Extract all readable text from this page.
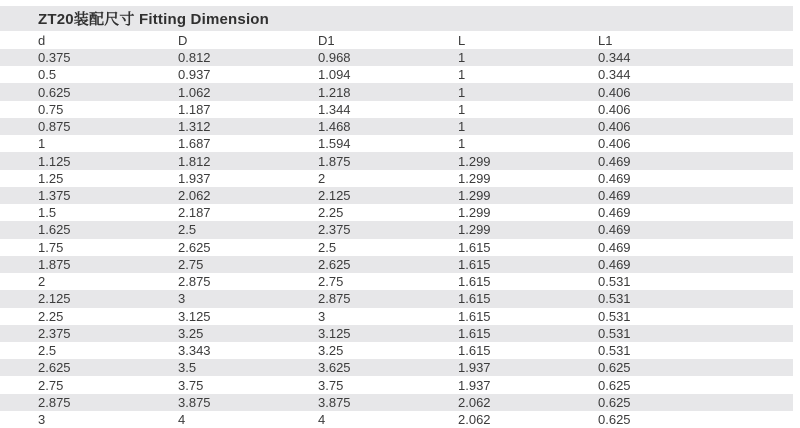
ZT20装配尺寸 Fitting Dimension
d	D	D1	L	L1
0.375	0.812	0.968	1	0.344
0.5	0.937	1.094	1	0.344
0.625	1.062	1.218	1	0.406
0.75	1.187	1.344	1	0.406
0.875	1.312	1.468	1	0.406
1	1.687	1.594	1	0.406
1.125	1.812	1.875	1.299	0.469
1.25	1.937	2	1.299	0.469
1.375	2.062	2.125	1.299	0.469
1.5	2.187	2.25	1.299	0.469
1.625	2.5	2.375	1.299	0.469
1.75	2.625	2.5	1.615	0.469
1.875	2.75	2.625	1.615	0.469
2	2.875	2.75	1.615	0.531
2.125	3	2.875	1.615	0.531
2.25	3.125	3	1.615	0.531
2.375	3.25	3.125	1.615	0.531
2.5	3.343	3.25	1.615	0.531
2.625	3.5	3.625	1.937	0.625
2.75	3.75	3.75	1.937	0.625
2.875	3.875	3.875	2.062	0.625
3	4	4	2.062	0.625
